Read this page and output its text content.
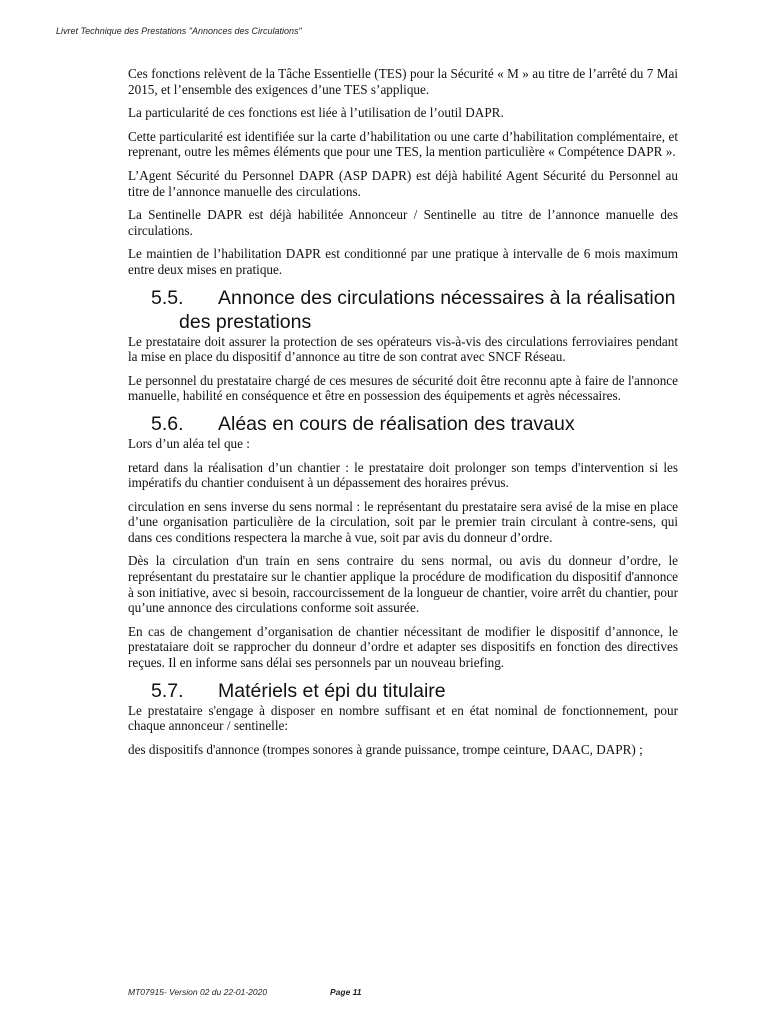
Livret Technique des Prestations "Annonces des Circulations"

Ces fonctions relèvent de la Tâche Essentielle (TES) pour la Sécurité « M » au titre de l’arrêté du 7 Mai 2015, et l’ensemble des exigences d’une TES s’applique.

La particularité de ces fonctions est liée à l’utilisation de l’outil DAPR.

Cette particularité est identifiée sur la carte d’habilitation ou une carte d’habilitation complémentaire, et reprenant, outre les mêmes éléments que pour une TES, la mention particulière « Compétence DAPR ».

L’Agent Sécurité du Personnel DAPR (ASP DAPR) est déjà habilité Agent Sécurité du Personnel au titre de l’annonce manuelle des circulations.

La Sentinelle DAPR est déjà habilitée Annonceur / Sentinelle au titre de l’annonce manuelle des circulations.

Le maintien de l’habilitation DAPR est conditionné par une pratique à intervalle de 6 mois maximum entre deux mises en pratique.

5.5. Annonce des circulations nécessaires à la réalisation
des prestations

Le prestataire doit assurer la protection de ses opérateurs vis-à-vis des circulations ferroviaires pendant la mise en place du dispositif d’annonce au titre de son contrat avec SNCF Réseau.

Le personnel du prestataire chargé de ces mesures de sécurité doit être reconnu apte à faire de l'annonce manuelle, habilité en conséquence et être en possession des équipements et agrès nécessaires.

5.6. Aléas en cours de réalisation des travaux

Lors d’un aléa tel que :

retard dans la réalisation d’un chantier : le prestataire doit prolonger son temps d'intervention si les impératifs du chantier conduisent à un dépassement des horaires prévus.

circulation en sens inverse du sens normal : le représentant du prestataire sera avisé de la mise en place d’une organisation particulière de la circulation, soit par le premier train circulant à contre-sens, qui dans ces conditions respectera la marche à vue, soit par avis du donneur d’ordre.

Dès la circulation d'un train en sens contraire du sens normal, ou avis du donneur d’ordre, le représentant du prestataire sur le chantier applique la procédure de modification du dispositif d'annonce à son initiative, avec si besoin, raccourcissement de la longueur de chantier, voire arrêt du chantier, pour qu’une annonce des circulations conforme soit assurée.

En cas de changement d’organisation de chantier nécessitant de modifier le dispositif d’annonce, le prestataiare doit se rapprocher du donneur d’ordre et adapter ses dispositifs en fonction des directives reçues. Il en informe sans délai ses personnels par un nouveau briefing.

5.7. Matériels et épi du titulaire

Le prestataire s'engage à disposer en nombre suffisant et en état nominal de fonctionnement, pour chaque annonceur / sentinelle:

des dispositifs d'annonce (trompes sonores à grande puissance, trompe ceinture, DAAC, DAPR) ;

MT07915- Version 02 du 22-01-2020	Page 11
